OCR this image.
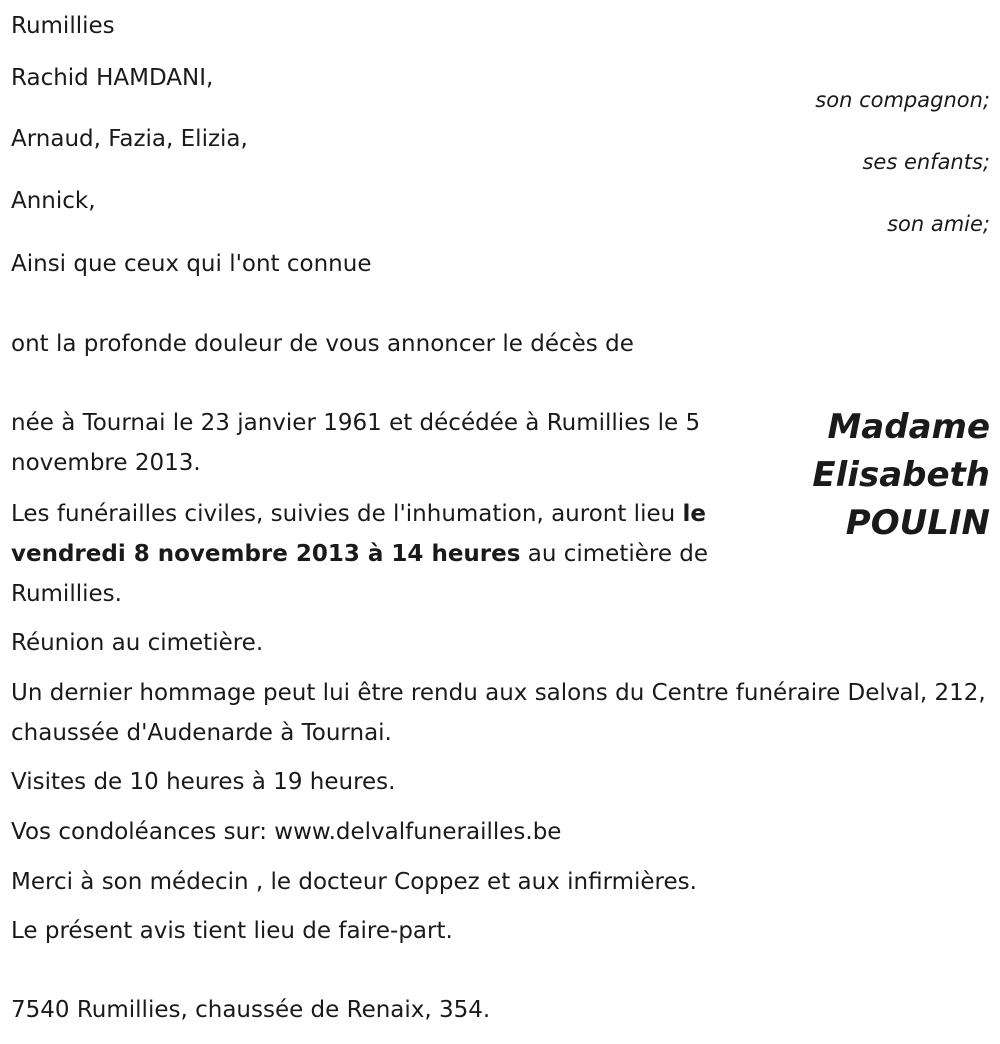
Rumillies
Rachid HAMDANI,
son compagnon;
Arnaud, Fazia, Elizia,
ses enfants;
Annick,
son amie;
Ainsi que ceux qui l'ont connue
ont la profonde douleur de vous annoncer le décès de
Madame
Elisabeth
POULIN
née à Tournai le 23 janvier 1961 et décédée à Rumillies le 5 novembre 2013.
Les funérailles civiles, suivies de l'inhumation, auront lieu le vendredi 8 novembre 2013 à 14 heures au cimetière de Rumillies.
Réunion au cimetière.
Un dernier hommage peut lui être rendu aux salons du Centre funéraire Delval, 212, chaussée d'Audenarde à Tournai.
Visites de 10 heures à 19 heures.
Vos condoléances sur: www.delvalfunerailles.be
Merci à son médecin , le docteur Coppez et aux infirmières.
Le présent avis tient lieu de faire-part.
7540 Rumillies, chaussée de Renaix, 354.
